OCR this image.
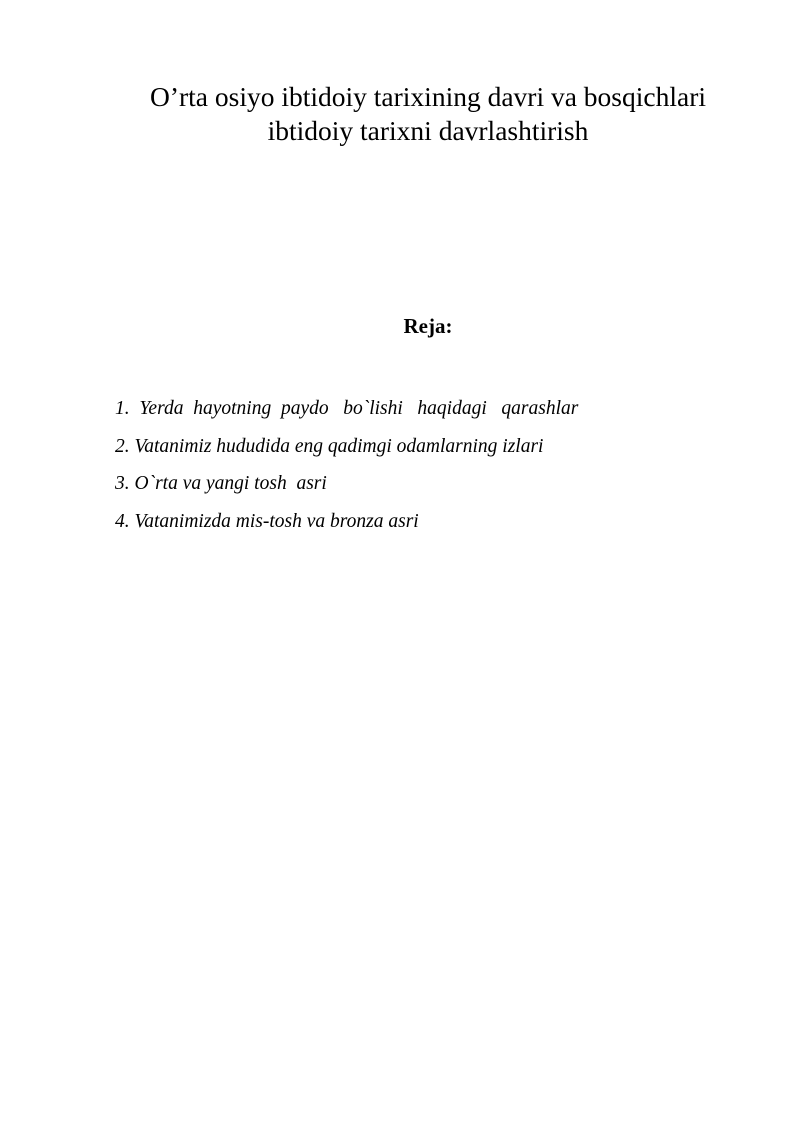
O’rta osiyo ibtidoiy tarixining davri va bosqichlari
ibtidoiy tarixni davrlashtirish
Reja:
1.  Yerda  hayotning  paydo   bo`lishi   haqidagi   qarashlar
2. Vatanimiz hududida eng qadimgi odamlarning izlari
3. O`rta va yangi tosh  asri
4. Vatanimizda mis-tosh va bronza asri
